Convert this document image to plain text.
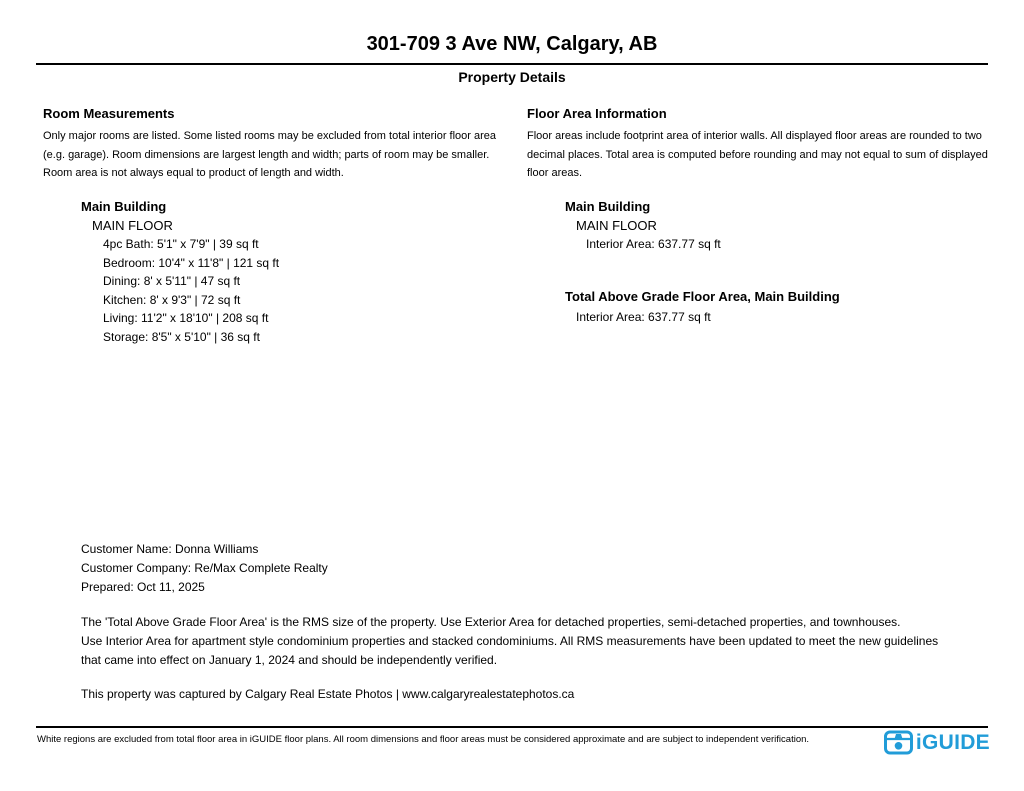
301-709 3 Ave NW, Calgary, AB
Property Details
Room Measurements
Only major rooms are listed. Some listed rooms may be excluded from total interior floor area
(e.g. garage). Room dimensions are largest length and width; parts of room may be smaller.
Room area is not always equal to product of length and width.
Floor Area Information
Floor areas include footprint area of interior walls. All displayed floor areas are rounded to two
decimal places. Total area is computed before rounding and may not equal to sum of displayed
floor areas.
Main Building
MAIN FLOOR
4pc Bath: 5'1" x 7'9" | 39 sq ft
Bedroom: 10'4" x 11'8" | 121 sq ft
Dining: 8' x 5'11" | 47 sq ft
Kitchen: 8' x 9'3" | 72 sq ft
Living: 11'2" x 18'10" | 208 sq ft
Storage: 8'5" x 5'10" | 36 sq ft
Main Building
MAIN FLOOR
Interior Area: 637.77 sq ft
Total Above Grade Floor Area, Main Building
Interior Area: 637.77 sq ft
Customer Name: Donna Williams
Customer Company: Re/Max Complete Realty
Prepared: Oct 11, 2025
The 'Total Above Grade Floor Area' is the RMS size of the property. Use Exterior Area for detached properties, semi-detached properties, and townhouses.
Use Interior Area for apartment style condominium properties and stacked condominiums. All RMS measurements have been updated to meet the new guidelines
that came into effect on January 1, 2024 and should be independently verified.
This property was captured by Calgary Real Estate Photos | www.calgaryrealestatephotos.ca
White regions are excluded from total floor area in iGUIDE floor plans. All room dimensions and floor areas must be considered approximate and are subject to independent verification.	iGUIDE
